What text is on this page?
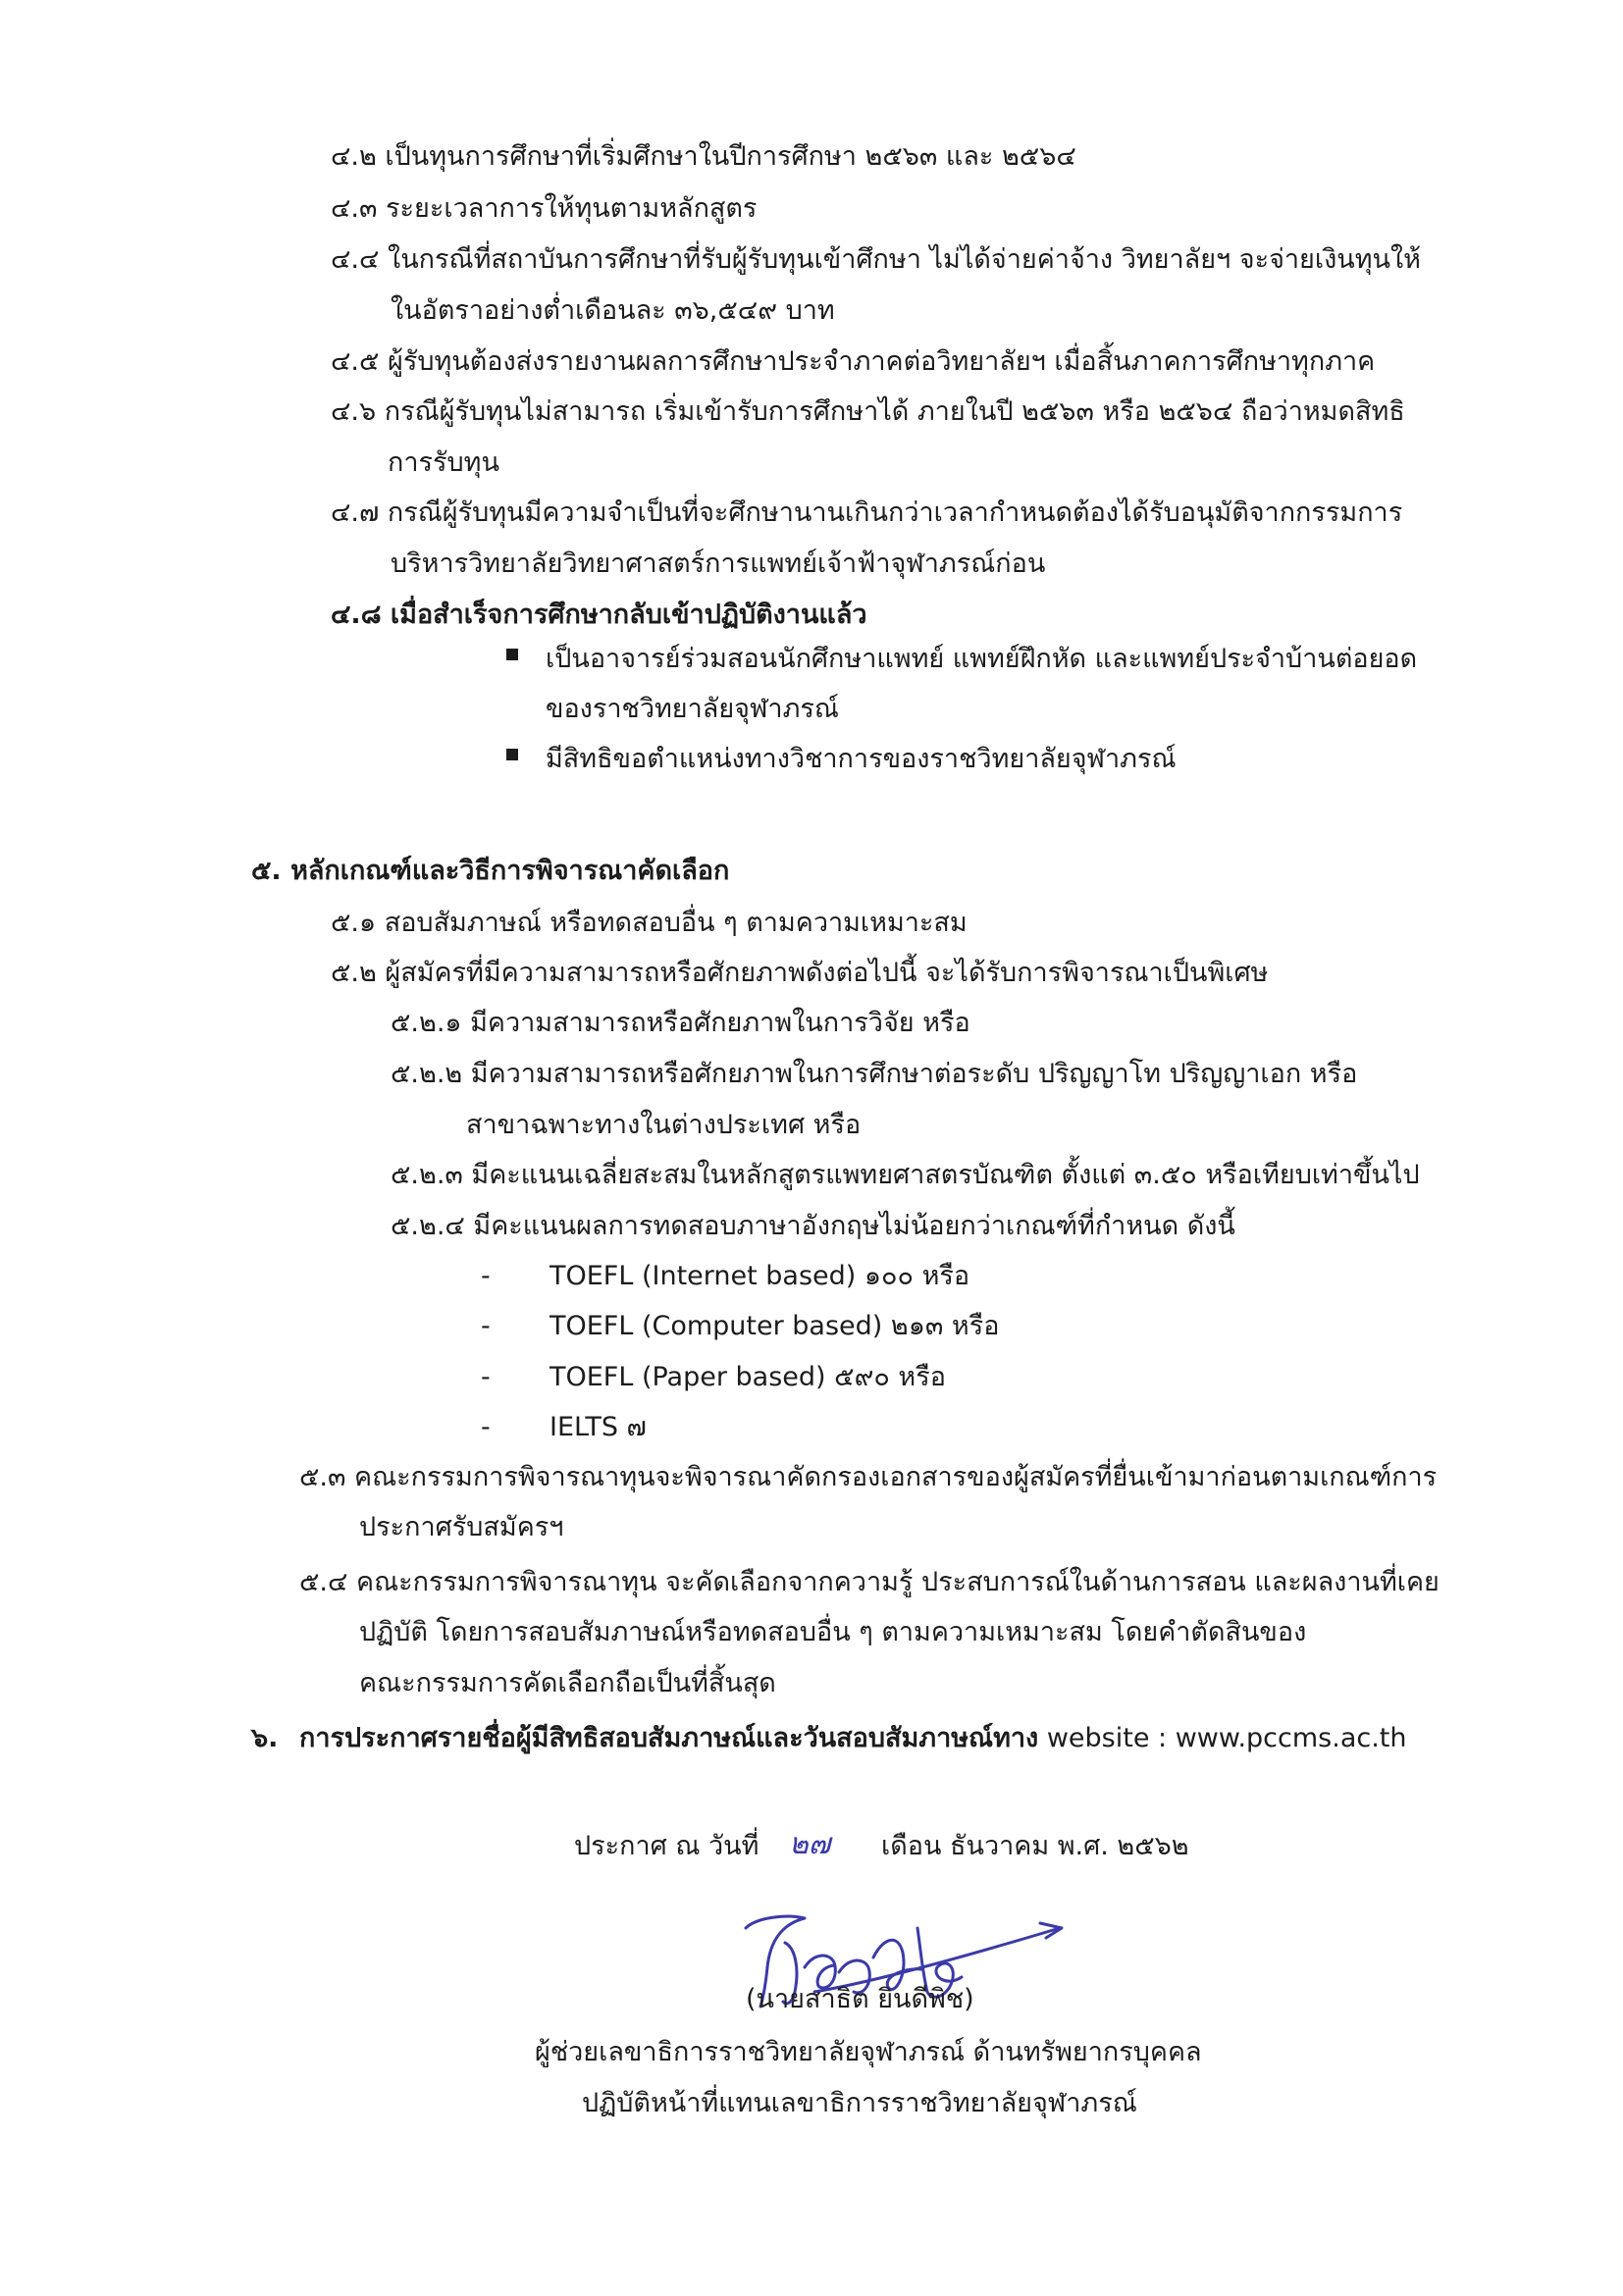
๔.๒ เป็นทุนการศึกษาที่เริ่มศึกษาในปีการศึกษา ๒๕๖๓ และ ๒๕๖๔

๔.๓ ระยะเวลาการให้ทุนตามหลักสูตร

๔.๔ ในกรณีที่สถาบันการศึกษาที่รับผู้รับทุนเข้าศึกษา ไม่ได้จ่ายค่าจ้าง วิทยาลัยฯ จะจ่ายเงินทุนให้

ในอัตราอย่างต่ำเดือนละ ๓๖,๕๔๙ บาท

๔.๕ ผู้รับทุนต้องส่งรายงานผลการศึกษาประจำภาคต่อวิทยาลัยฯ เมื่อสิ้นภาคการศึกษาทุกภาค

๔.๖ กรณีผู้รับทุนไม่สามารถ เริ่มเข้ารับการศึกษาได้ ภายในปี ๒๕๖๓ หรือ ๒๕๖๔ ถือว่าหมดสิทธิ

การรับทุน

๔.๗ กรณีผู้รับทุนมีความจำเป็นที่จะศึกษานานเกินกว่าเวลากำหนดต้องได้รับอนุมัติจากกรรมการ

บริหารวิทยาลัยวิทยาศาสตร์การแพทย์เจ้าฟ้าจุฬาภรณ์ก่อน

๔.๘ เมื่อสำเร็จการศึกษากลับเข้าปฏิบัติงานแล้ว

เป็นอาจารย์ร่วมสอนนักศึกษาแพทย์ แพทย์ฝึกหัด และแพทย์ประจำบ้านต่อยอด

ของราชวิทยาลัยจุฬาภรณ์

มีสิทธิขอตำแหน่งทางวิชาการของราชวิทยาลัยจุฬาภรณ์

๕. หลักเกณฑ์และวิธีการพิจารณาคัดเลือก

๕.๑ สอบสัมภาษณ์ หรือทดสอบอื่น ๆ ตามความเหมาะสม

๕.๒ ผู้สมัครที่มีความสามารถหรือศักยภาพดังต่อไปนี้ จะได้รับการพิจารณาเป็นพิเศษ

๕.๒.๑ มีความสามารถหรือศักยภาพในการวิจัย หรือ

๕.๒.๒ มีความสามารถหรือศักยภาพในการศึกษาต่อระดับ ปริญญาโท ปริญญาเอก หรือ

สาขาฉพาะทางในต่างประเทศ หรือ

๕.๒.๓ มีคะแนนเฉลี่ยสะสมในหลักสูตรแพทยศาสตรบัณฑิต ตั้งแต่ ๓.๕๐ หรือเทียบเท่าขึ้นไป

๕.๒.๔ มีคะแนนผลการทดสอบภาษาอังกฤษไม่น้อยกว่าเกณฑ์ที่กำหนด ดังนี้

- TOEFL (Internet based) ๑๐๐ หรือ

- TOEFL (Computer based) ๒๑๓ หรือ

- TOEFL (Paper based) ๕๙๐ หรือ

- IELTS ๗

๕.๓ คณะกรรมการพิจารณาทุนจะพิจารณาคัดกรองเอกสารของผู้สมัครที่ยื่นเข้ามาก่อนตามเกณฑ์การ

ประกาศรับสมัครฯ

๕.๔ คณะกรรมการพิจารณาทุน จะคัดเลือกจากความรู้ ประสบการณ์ในด้านการสอน และผลงานที่เคย

ปฏิบัติ โดยการสอบสัมภาษณ์หรือทดสอบอื่น ๆ ตามความเหมาะสม โดยคำตัดสินของ

คณะกรรมการคัดเลือกถือเป็นที่สิ้นสุด

๖. การประกาศรายชื่อผู้มีสิทธิสอบสัมภาษณ์และวันสอบสัมภาษณ์ทาง website : www.pccms.ac.th

ประกาศ ณ วันที่ ๒๗ เดือน ธันวาคม พ.ศ. ๒๕๖๒

(นายสาธิต ยินดีพิช)

ผู้ช่วยเลขาธิการราชวิทยาลัยจุฬาภรณ์ ด้านทรัพยากรบุคคล

ปฏิบัติหน้าที่แทนเลขาธิการราชวิทยาลัยจุฬาภรณ์
